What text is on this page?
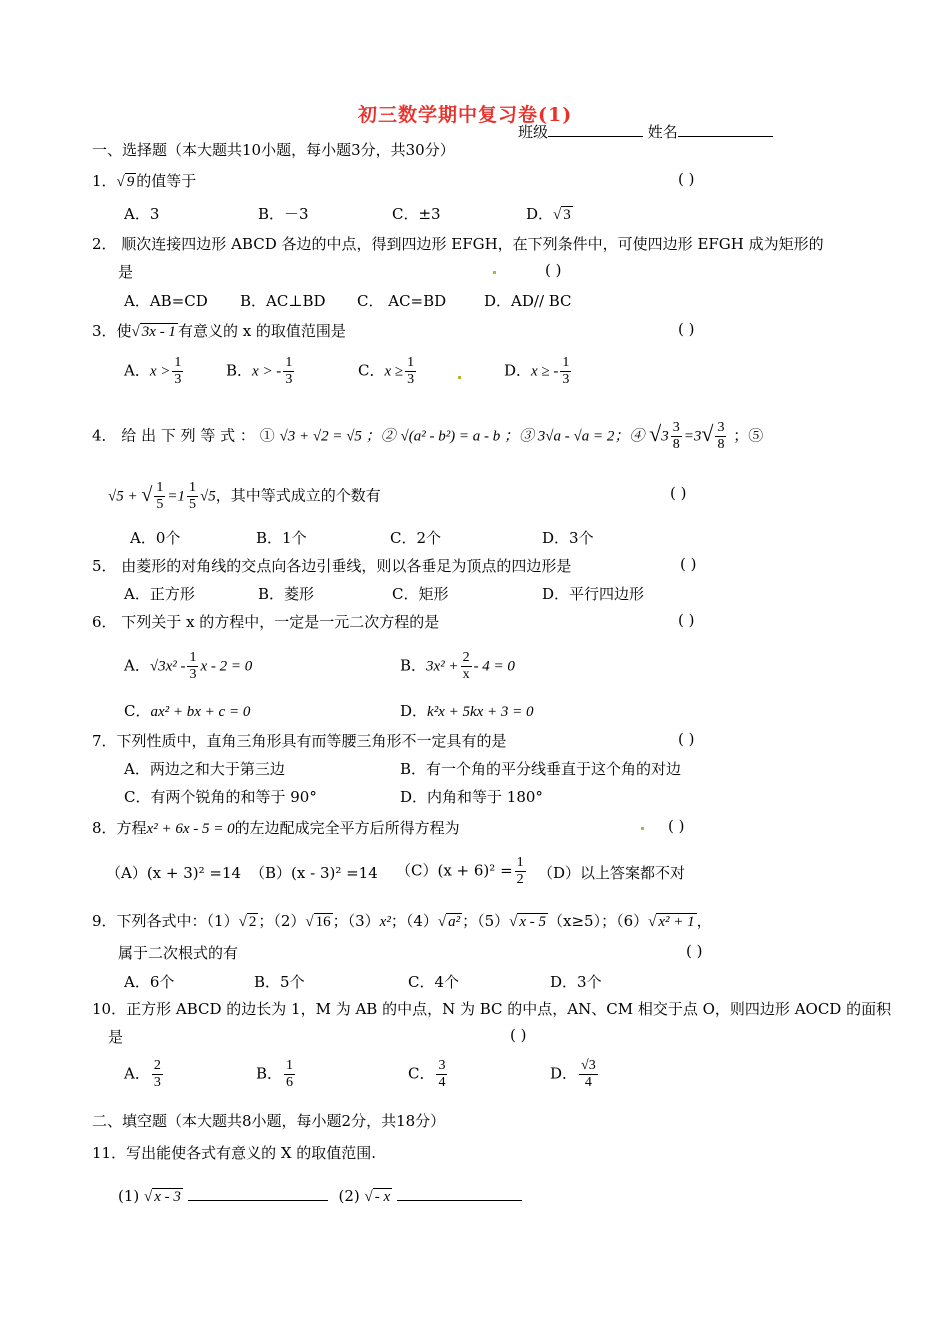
初三数学期中复习卷(1)
班级	姓名
一、选择题（本大题共10小题，每小题3分，共30分）
1．√ 9 的值等于	( )
A．3	B．－3	C．±3	D．√ 3
2． 顺次连接四边形 ABCD 各边的中点，得到四边形 EFGH，在下列条件中，可使四边形 EFGH 成为矩形的
是	( )
A．AB=CD B．AC⊥BD C． AC=BD	D．AD// BC
3．使√ 3x - 1 有意义的 x 的取值范围是	( )
A．$x > \frac{1}{3}$	B．x > - $\frac{1}{3}$	C．$x \ge \frac{1}{3}$	D．x ≥ - $\frac{1}{3}$
4． 给 出 下 列 等 式 ： ① √3 + √2 = √5 ；② √(a² - b²) = a - b ；③ 3√a - √a = 2；④ $√3 \frac{3}{8} =3√ \frac{3}{8}$ ；⑤
√5 + √ $\frac{1}{5} =1 \frac{1}{5} √5$，其中等式成立的个数有	( )
A．0个	B．1个	C．2个	D．3个
5． 由菱形的对角线的交点向各边引垂线，则以各垂足为顶点的四边形是	( )
A．正方形	B．菱形	C．矩形	D．平行四边形
6． 下列关于 x 的方程中，一定是一元二次方程的是	( )
A．$√3x^2 - \frac{1}{3}$ x - 2 = 0	B．$3x^2 + \frac{2}{x} - 4 = 0$
C．ax² + bx + c = 0	D．k²x + 5kx + 3 = 0
7．下列性质中，直角三角形具有而等腰三角形不一定具有的是	( )
A．两边之和大于第三边	B．有一个角的平分线垂直于这个角的对边
C．有两个锐角的和等于 90°	D．内角和等于 180°
8．方程x² + 6x - 5 = 0的左边配成完全平方后所得方程为	( )
（A）(x + 3)² =14 （B）(x - 3)² =14 $(C)(x + 6)^2 = \frac{1}{2} (D)$以上答案都不对
9．下列各式中：（1）√ 2 ；（2）√ 16 ；（3）x²；（4）√ a² ；（5）√ x - 5 （x≥5）；（6）√ x² + 1 ，
属于二次根式的有	( )
A．6个	B．5个	C．4个	D．3个
10．正方形 ABCD 的边长为 1，M 为 AB 的中点，N 为 BC 的中点，AN、CM 相交于点 O，则四边形 AOCD 的面积
是	( )
A． $\frac{2}{3}$	B． $\frac{1}{6}$	C． $\frac{3}{4}$	D． $\frac{√3}{4}$
二、填空题（本大题共8小题，每小题2分，共18分）
11．写出能使各式有意义的 X 的取值范围.
(1) √ x - 3	(2) √ - x
